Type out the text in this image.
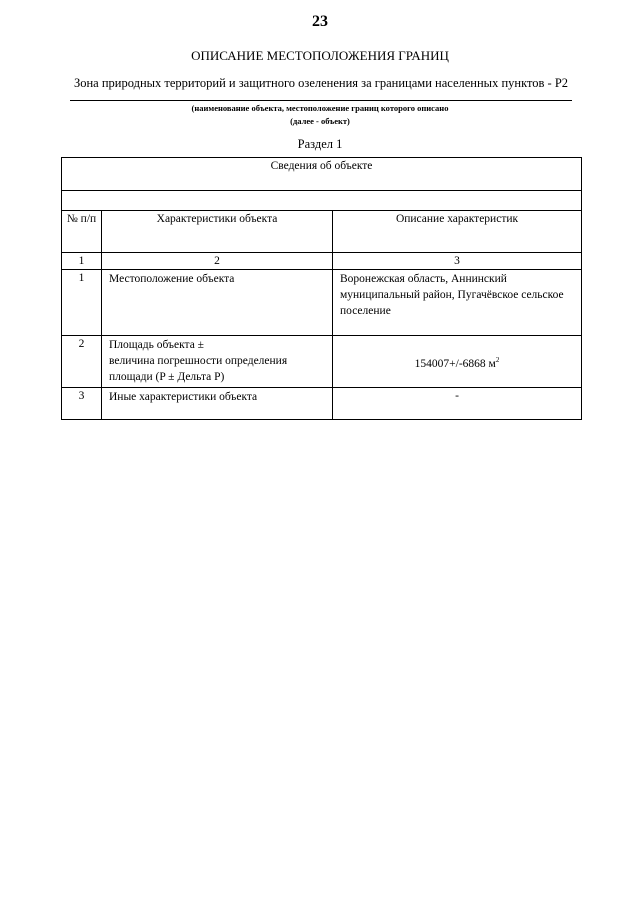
23
ОПИСАНИЕ МЕСТОПОЛОЖЕНИЯ ГРАНИЦ
Зона природных территорий и защитного озеленения за границами населенных пунктов - Р2
(наименование объекта, местоположение границ которого описано
(далее - объект)
Раздел 1
Сведения об объекте		

№ п/п	Характеристики объекта	Описание характеристик
1	2	3
1	Местоположение объекта	Воронежская область, Аннинский муниципальный район, Пугачёвское сельское поселение
2	Площадь объекта ±
величина погрешности определения
площади (P ± Дельта P)	154007+/-6868 $м^2$
3	Иные характеристики объекта	-
